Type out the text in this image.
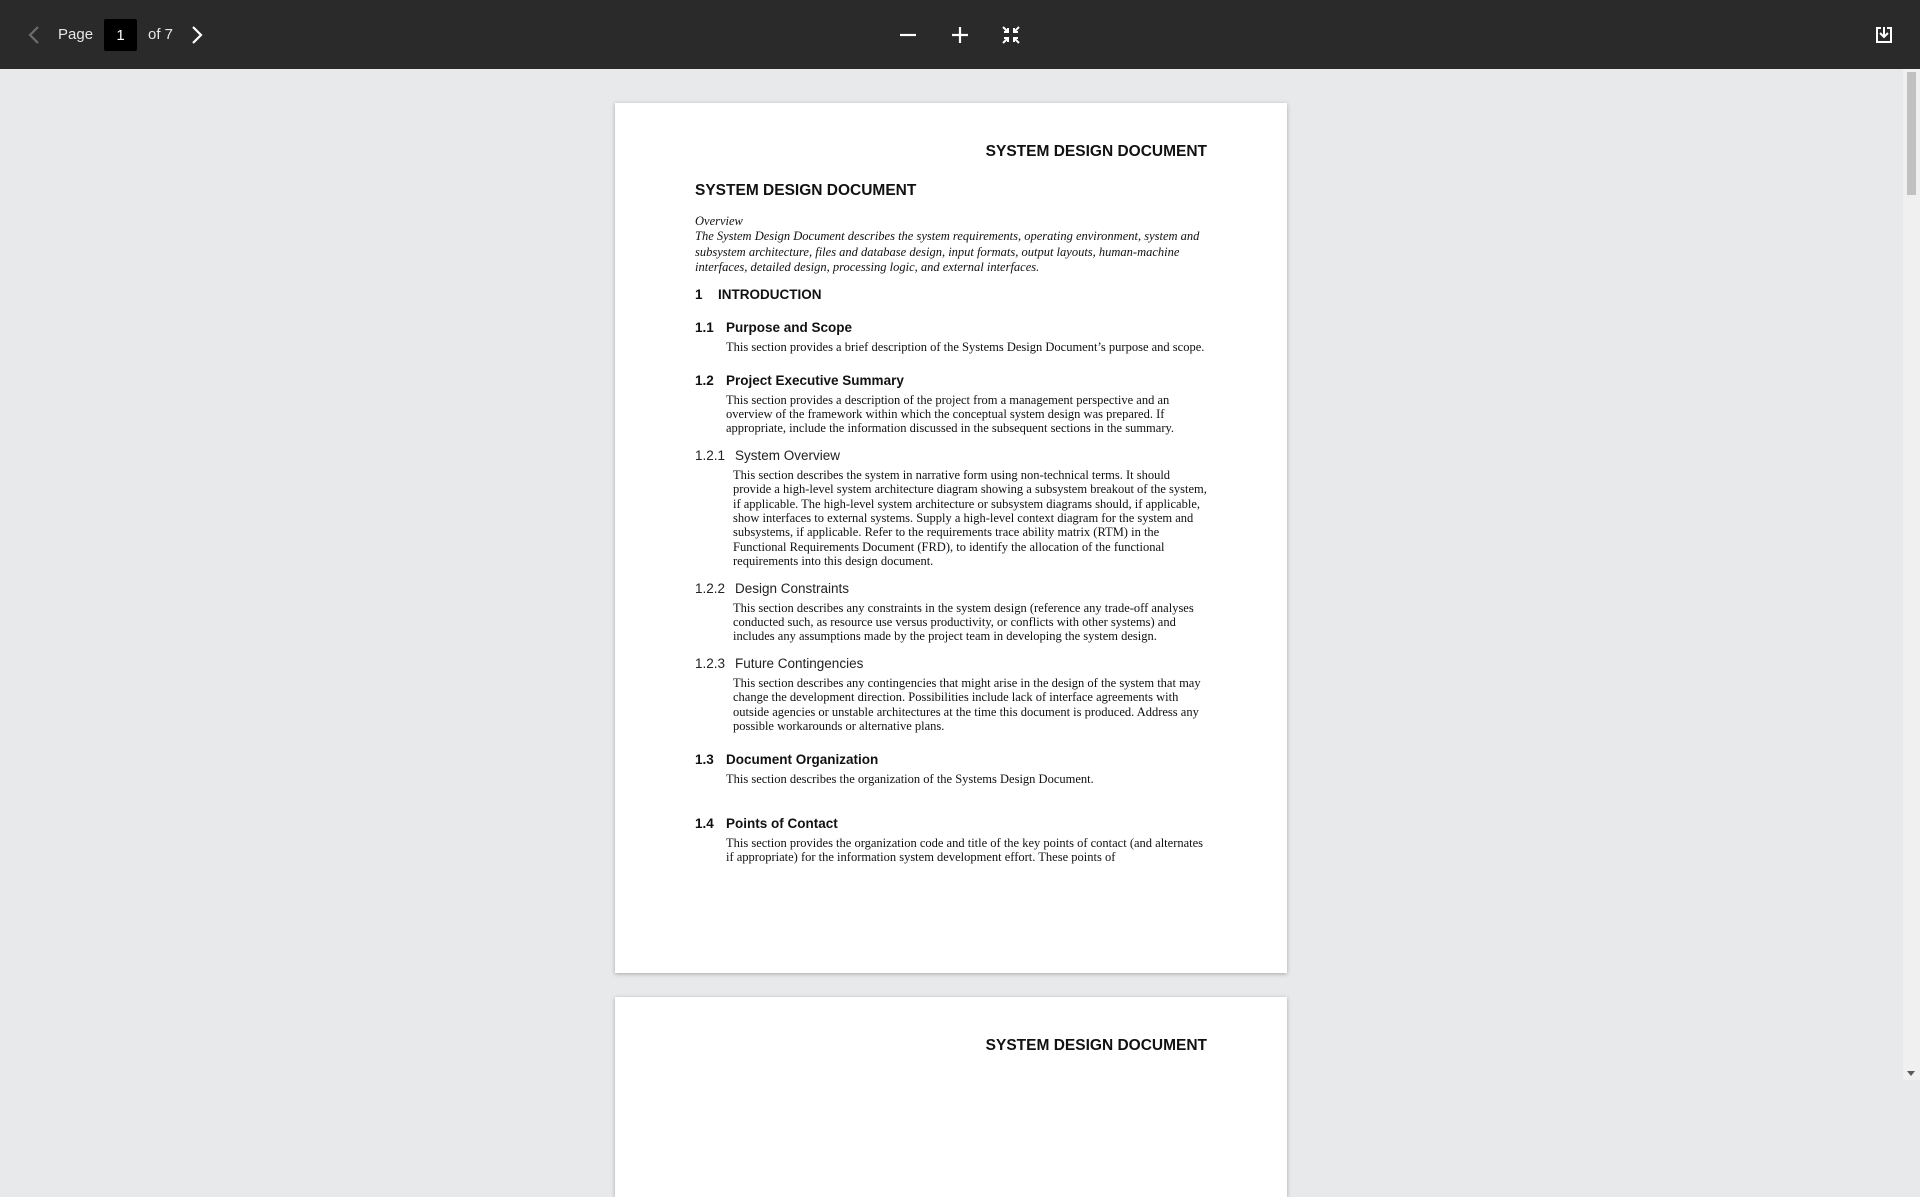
Page
1	of 7
SYSTEM DESIGN DOCUMENT
SYSTEM DESIGN DOCUMENT
Overview
The System Design Document describes the system requirements, operating environment, system and subsystem architecture, files and database design, input formats, output layouts, human-machine interfaces, detailed design, processing logic, and external interfaces.
1	INTRODUCTION
1.1 Purpose and Scope
This section provides a brief description of the Systems Design Document’s purpose and scope.
1.2 Project Executive Summary
This section provides a description of the project from a management perspective and an overview of the framework within which the conceptual system design was prepared. If appropriate, include the information discussed in the subsequent sections in the summary.
1.2.1 System Overview
This section describes the system in narrative form using non-technical terms. It should provide a high-level system architecture diagram showing a subsystem breakout of the system, if applicable. The high-level system architecture or subsystem diagrams should, if applicable, show interfaces to external systems. Supply a high-level context diagram for the system and subsystems, if applicable. Refer to the requirements trace ability matrix (RTM) in the Functional Requirements Document (FRD), to identify the allocation of the functional requirements into this design document.
1.2.2 Design Constraints
This section describes any constraints in the system design (reference any trade-off analyses conducted such, as resource use versus productivity, or conflicts with other systems) and includes any assumptions made by the project team in developing the system design.
1.2.3 Future Contingencies
This section describes any contingencies that might arise in the design of the system that may change the development direction. Possibilities include lack of interface agreements with outside agencies or unstable architectures at the time this document is produced. Address any possible workarounds or alternative plans.
1.3 Document Organization
This section describes the organization of the Systems Design Document.
1.4 Points of Contact
This section provides the organization code and title of the key points of contact (and alternates if appropriate) for the information system development effort. These points of
SYSTEM DESIGN DOCUMENT
